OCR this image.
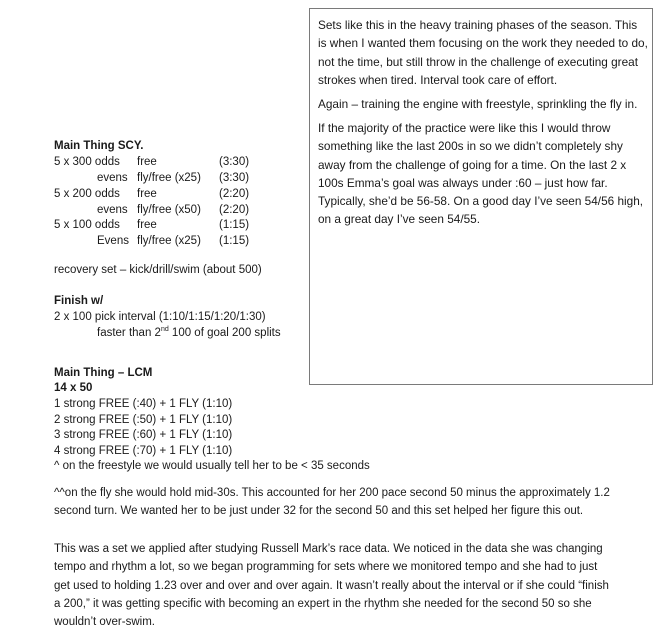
Sets like this in the heavy training phases of the season. This is when I wanted them focusing on the work they needed to do, not the time, but still throw in the challenge of executing great strokes when tired. Interval took care of effort.

Again – training the engine with freestyle, sprinkling the fly in.

If the majority of the practice were like this I would throw something like the last 200s in so we didn’t completely shy away from the challenge of going for a time. On the last 2 x 100s Emma’s goal was always under :60 – just how far. Typically, she’d be 56-58. On a good day I’ve seen 54/56 high, on a great day I’ve seen 54/55.

Main Thing SCY.
5 x 300 odds free	(3:30)
evens fly/free (x25) (3:30)
5 x 200 odds free	(2:20)
evens fly/free (x50) (2:20)
5 x 100 odds free	(1:15)
Evens fly/free (x25) (1:15)
recovery set – kick/drill/swim (about 500)
Finish w/
2 x 100 pick interval (1:10/1:15/1:20/1:30)
faster than 2nd 100 of goal 200 splits
Main Thing – LCM
14 x 50
1 strong FREE (:40) + 1 FLY (1:10)
2 strong FREE (:50) + 1 FLY (1:10)
3 strong FREE (:60) + 1 FLY (1:10)
4 strong FREE (:70) + 1 FLY (1:10)
^ on the freestyle we would usually tell her to be < 35 seconds

^^on the fly she would hold mid-30s. This accounted for her 200 pace second 50 minus the approximately 1.2 second turn. We wanted her to be just under 32 for the second 50 and this set helped her figure this out.

This was a set we applied after studying Russell Mark’s race data. We noticed in the data she was changing tempo and rhythm a lot, so we began programming for sets where we monitored tempo and she had to just get used to holding 1.23 over and over and over again. It wasn’t really about the interval or if she could “finish a 200,” it was getting specific with becoming an expert in the rhythm she needed for the second 50 so she wouldn’t over-swim.
